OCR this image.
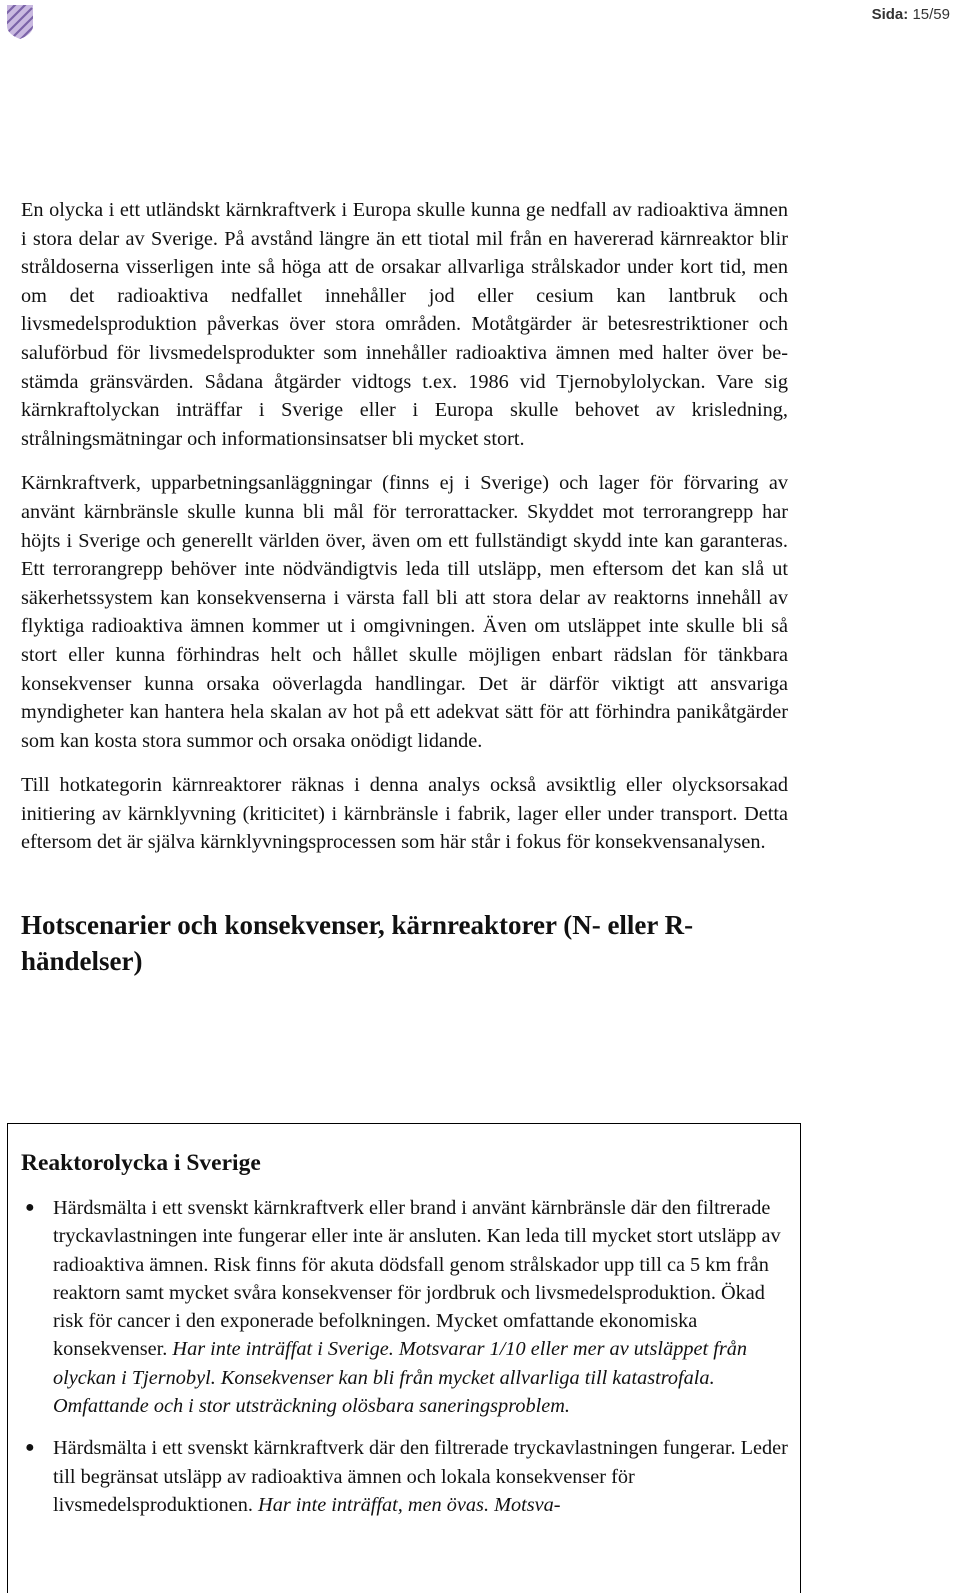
Sida: 15/59

En olycka i ett utländskt kärnkraftverk i Europa skulle kunna ge nedfall av radioaktiva ämnen i stora delar av Sverige. På avstånd längre än ett tiotal mil från en havererad kärnreaktor blir stråldoserna visserligen inte så höga att de orsakar allvarliga strålskador under kort tid, men om det radioaktiva nedfallet innehåller jod eller cesium kan lantbruk och livsmedelsproduktion påverkas över stora områden. Motåtgärder är betesrestriktioner och saluförbud för livsmedelsprodukter som innehåller radioaktiva ämnen med halter över bestämda gränsvärden. Sådana åtgärder vidtogs t.ex. 1986 vid Tjernobylolyckan. Vare sig kärnkraftolyckan inträffar i Sverige eller i Europa skulle behovet av krisledning, strålningsmätningar och informationsinsatser bli mycket stort.

Kärnkraftverk, upparbetningsanläggningar (finns ej i Sverige) och lager för förvaring av använt kärnbränsle skulle kunna bli mål för terrorattacker. Skyddet mot terrorangrepp har höjts i Sverige och generellt världen över, även om ett fullständigt skydd inte kan garanteras. Ett terrorangrepp behöver inte nödvändigtvis leda till utsläpp, men eftersom det kan slå ut säkerhetssystem kan konsekvenserna i värsta fall bli att stora delar av reaktorns innehåll av flyktiga radioaktiva ämnen kommer ut i omgivningen. Även om utsläppet inte skulle bli så stort eller kunna förhindras helt och hållet skulle möjligen enbart rädslan för tänkbara konsekvenser kunna orsaka oöverlagda handlingar. Det är därför viktigt att ansvariga myndigheter kan hantera hela skalan av hot på ett adekvat sätt för att förhindra panikåtgärder som kan kosta stora summor och orsaka onödigt lidande.

Till hotkategorin kärnreaktorer räknas i denna analys också avsiktlig eller olycksorsakad initiering av kärnklyvning (kriticitet) i kärnbränsle i fabrik, lager eller under transport. Detta eftersom det är själva kärnklyvningsprocessen som här står i fokus för konsekvensanalysen.

Hotscenarier och konsekvenser, kärnreaktorer (N- eller R-händelser)
Reaktorolycka i Sverige
● Härdsmälta i ett svenskt kärnkraftverk eller brand i använt kärnbränsle där den filtrerade tryckavlastningen inte fungerar eller inte är ansluten. Kan leda till mycket stort utsläpp av radioaktiva ämnen. Risk finns för akuta dödsfall genom strålskador upp till ca 5 km från reaktorn samt mycket svåra konsekvenser för jordbruk och livsmedelsproduktion. Ökad risk för cancer i den exponerade befolkningen. Mycket omfattande ekonomiska konsekvenser. Har inte inträffat i Sverige. Motsvarar 1/10 eller mer av utsläppet från olyckan i Tjernobyl. Konsekvenser kan bli från mycket allvarliga till katastrofala. Omfattande och i stor utsträckning olösbara saneringsproblem.
● Härdsmälta i ett svenskt kärnkraftverk där den filtrerade tryckavlastningen fungerar. Leder till begränsat utsläpp av radioaktiva ämnen och lokala konsekvenser för livsmedelsproduktionen. Har inte inträffat, men övas. Motsva-
